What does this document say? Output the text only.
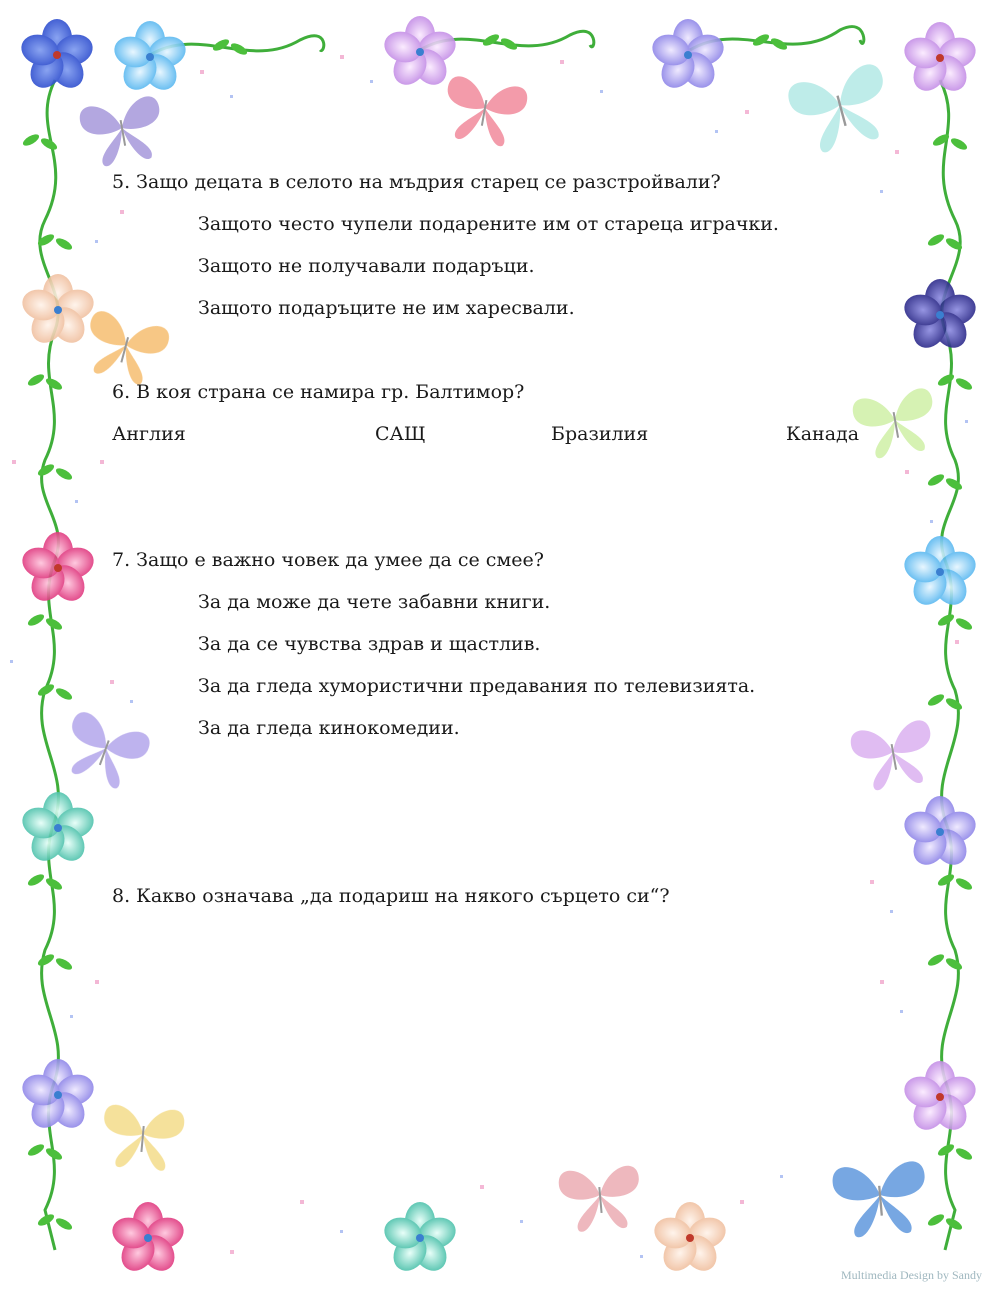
5. Защо децата в селото на мъдрия старец се разстройвали?
Защото често чупели подарените им от стареца играчки.
Защото не получавали подаръци.
Защото подаръците не им харесвали.
6. В коя страна се намира гр. Балтимор?
Англия	САЩ	Бразилия	Канада
7. Защо е важно човек да умее да се смее?
За да може да чете забавни книги.
За да се чувства здрав и щастлив.
За да гледа хумористични предавания по телевизията.
За да гледа кинокомедии.
8. Какво означава „да подариш на някого сърцето си“?
Multimedia Design by Sandy
